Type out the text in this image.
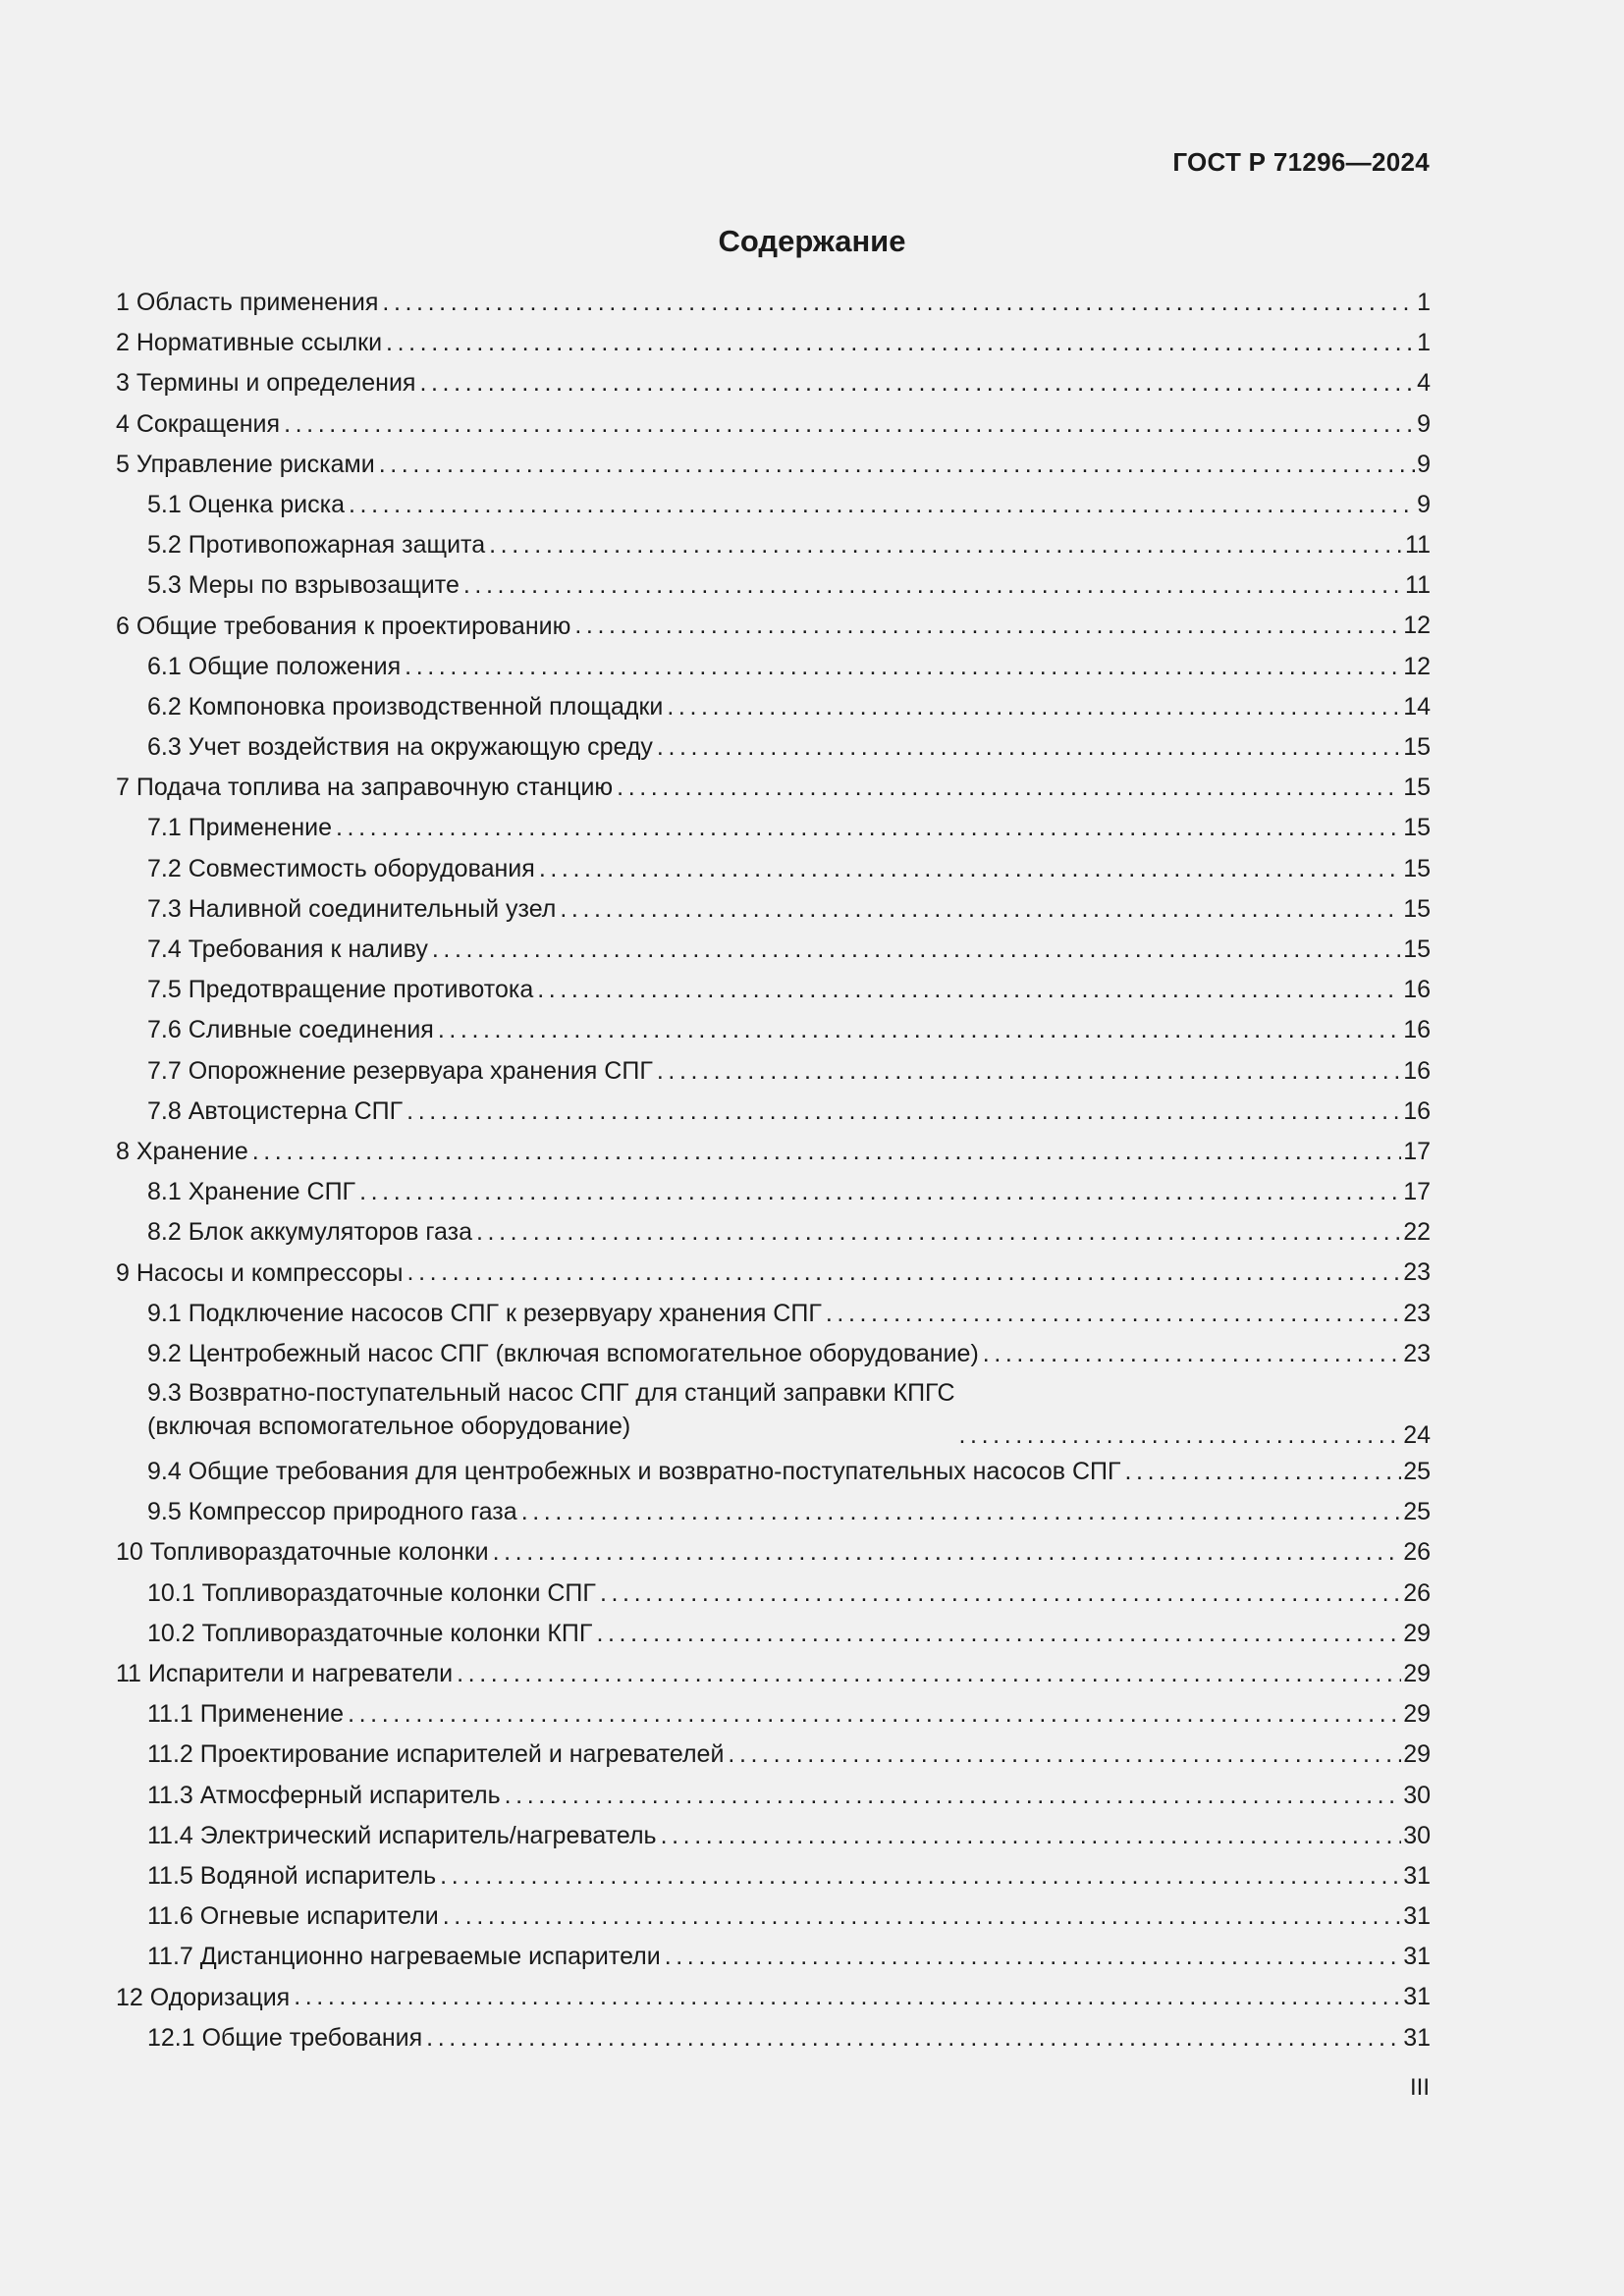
ГОСТ Р 71296—2024
Содержание
1 Область применения .....	1
2 Нормативные ссылки .....	1
3 Термины и определения .....	4
4 Сокращения .....	9
5 Управление рисками .....	9
5.1 Оценка риска .....	9
5.2 Противопожарная защита .....	11
5.3 Меры по взрывозащите .....	11
6 Общие требования к проектированию .....	12
6.1 Общие положения .....	12
6.2 Компоновка производственной площадки .....	14
6.3 Учет воздействия на окружающую среду .....	15
7 Подача топлива на заправочную станцию .....	15
7.1 Применение .....	15
7.2 Совместимость оборудования .....	15
7.3 Наливной соединительный узел .....	15
7.4 Требования к наливу .....	15
7.5 Предотвращение противотока .....	16
7.6 Сливные соединения .....	16
7.7 Опорожнение резервуара хранения СПГ .....	16
7.8 Автоцистерна СПГ .....	16
8 Хранение .....	17
8.1 Хранение СПГ .....	17
8.2 Блок аккумуляторов газа .....	22
9 Насосы и компрессоры .....	23
9.1 Подключение насосов СПГ к резервуару хранения СПГ .....	23
9.2 Центробежный насос СПГ (включая вспомогательное оборудование) .....	23
9.3 Возвратно-поступательный насос СПГ для станций заправки КПГС
(включая вспомогательное оборудование) .....	24
9.4 Общие требования для центробежных и возвратно-поступательных насосов СПГ .....	25
9.5 Компрессор природного газа .....	25
10 Топливораздаточные колонки .....	26
10.1 Топливораздаточные колонки СПГ .....	26
10.2 Топливораздаточные колонки КПГ .....	29
11 Испарители и нагреватели .....	29
11.1 Применение .....	29
11.2 Проектирование испарителей и нагревателей .....	29
11.3 Атмосферный испаритель .....	30
11.4 Электрический испаритель/нагреватель .....	30
11.5 Водяной испаритель .....	31
11.6 Огневые испарители .....	31
11.7 Дистанционно нагреваемые испарители .....	31
12 Одоризация .....	31
12.1 Общие требования .....	31
III
